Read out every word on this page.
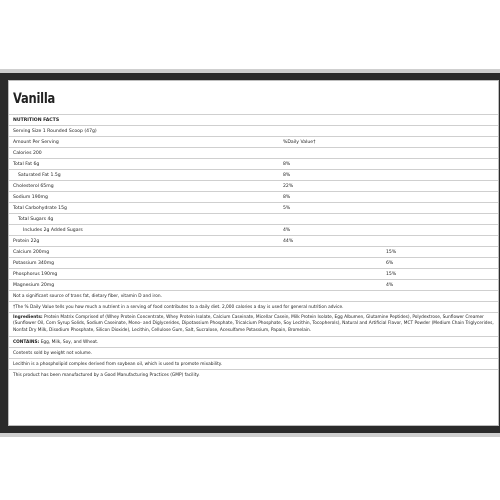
Vanilla
NUTRITION FACTS
Serving Size 1 Rounded Scoop (47g)
Amount Per Serving	%Daily Value†
Calories 200
Total Fat 6g	8%
Saturated Fat 1.5g	8%
Cholesterol 65mg	22%
Sodium 190mg	8%
Total Carbohydrate 15g	5%
Total Sugars 4g
Includes 2g Added Sugars	4%
Protein 22g	44%
Calcium 200mg	15%
Potassium 340mg	6%
Phosphorus 190mg	15%
Magnesium 20mg	4%
Not a significant source of trans fat, dietary fiber, vitamin D and iron.
†The % Daily Value tells you how much a nutrient in a serving of food contributes to a daily diet. 2,000 calories a day is used for general nutrition advice.
Ingredients: Protein Matrix Comprised of (Whey Protein Concentrate, Whey Protein Isolate, Calcium Caseinate, Micellar Casein, Milk Protein Isolate, Egg Albumen, Glutamine Peptides), Polydextrose, Sunflower Creamer (Sunflower Oil, Corn Syrup Solids, Sodium Caseinate, Mono- and Diglycerides, Dipotassium Phosphate, Tricalcium Phosphate, Soy Lecithin, Tocopherols), Natural and Artificial Flavor, MCT Powder (Medium Chain Triglycerides, Nonfat Dry Milk, Disodium Phosphate, Silicon Dioxide), Lecithin, Cellulose Gum, Salt, Sucralose, Acesulfame Potassium, Papain, Bromelain.
CONTAINS: Egg, Milk, Soy, and Wheat.
Contents sold by weight not volume.
Lecithin is a phospholipid complex derived from soybean oil, which is used to promote mixability.
This product has been manufactured by a Good Manufacturing Practices (GMP) facility.
